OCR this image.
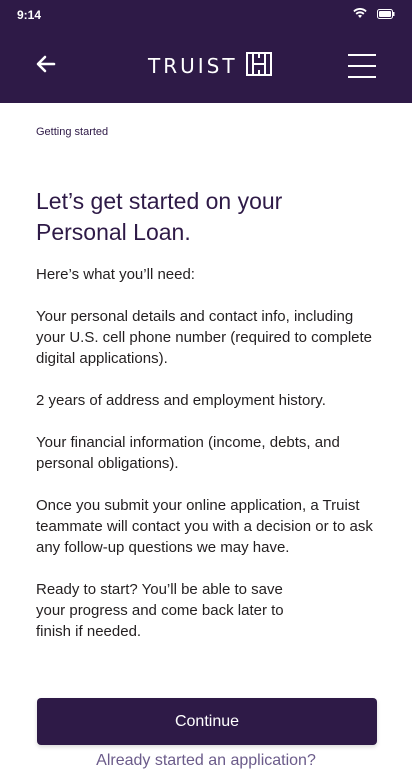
9:14
TRUIST
Getting started
Let’s get started on your
Personal Loan.

Here’s what you’ll need:

Your personal details and contact info, including your U.S. cell phone number (required to complete digital applications).

2 years of address and employment history.

Your financial information (income, debts, and personal obligations).

Once you submit your online application, a Truist teammate will contact you with a decision or to ask any follow-up questions we may have.

Ready to start? You’ll be able to save
your progress and come back later to
finish if needed.

Continue
Already started an application?
